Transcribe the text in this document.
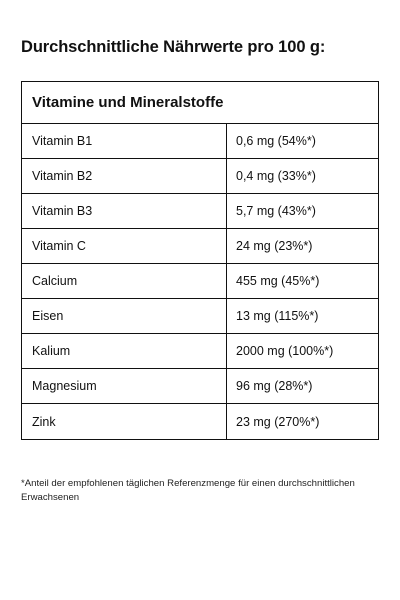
Durchschnittliche Nährwerte pro 100 g:
Vitamine und Mineralstoffe
Vitamin B1	0,6 mg (54%*)
Vitamin B2	0,4 mg (33%*)
Vitamin B3	5,7 mg (43%*)
Vitamin C	24 mg (23%*)
Calcium	455 mg (45%*)
Eisen	13 mg (115%*)
Kalium	2000 mg (100%*)
Magnesium	96 mg (28%*)
Zink	23 mg (270%*)
*Anteil der empfohlenen täglichen Referenzmenge für einen durchschnittlichen Erwachsenen
